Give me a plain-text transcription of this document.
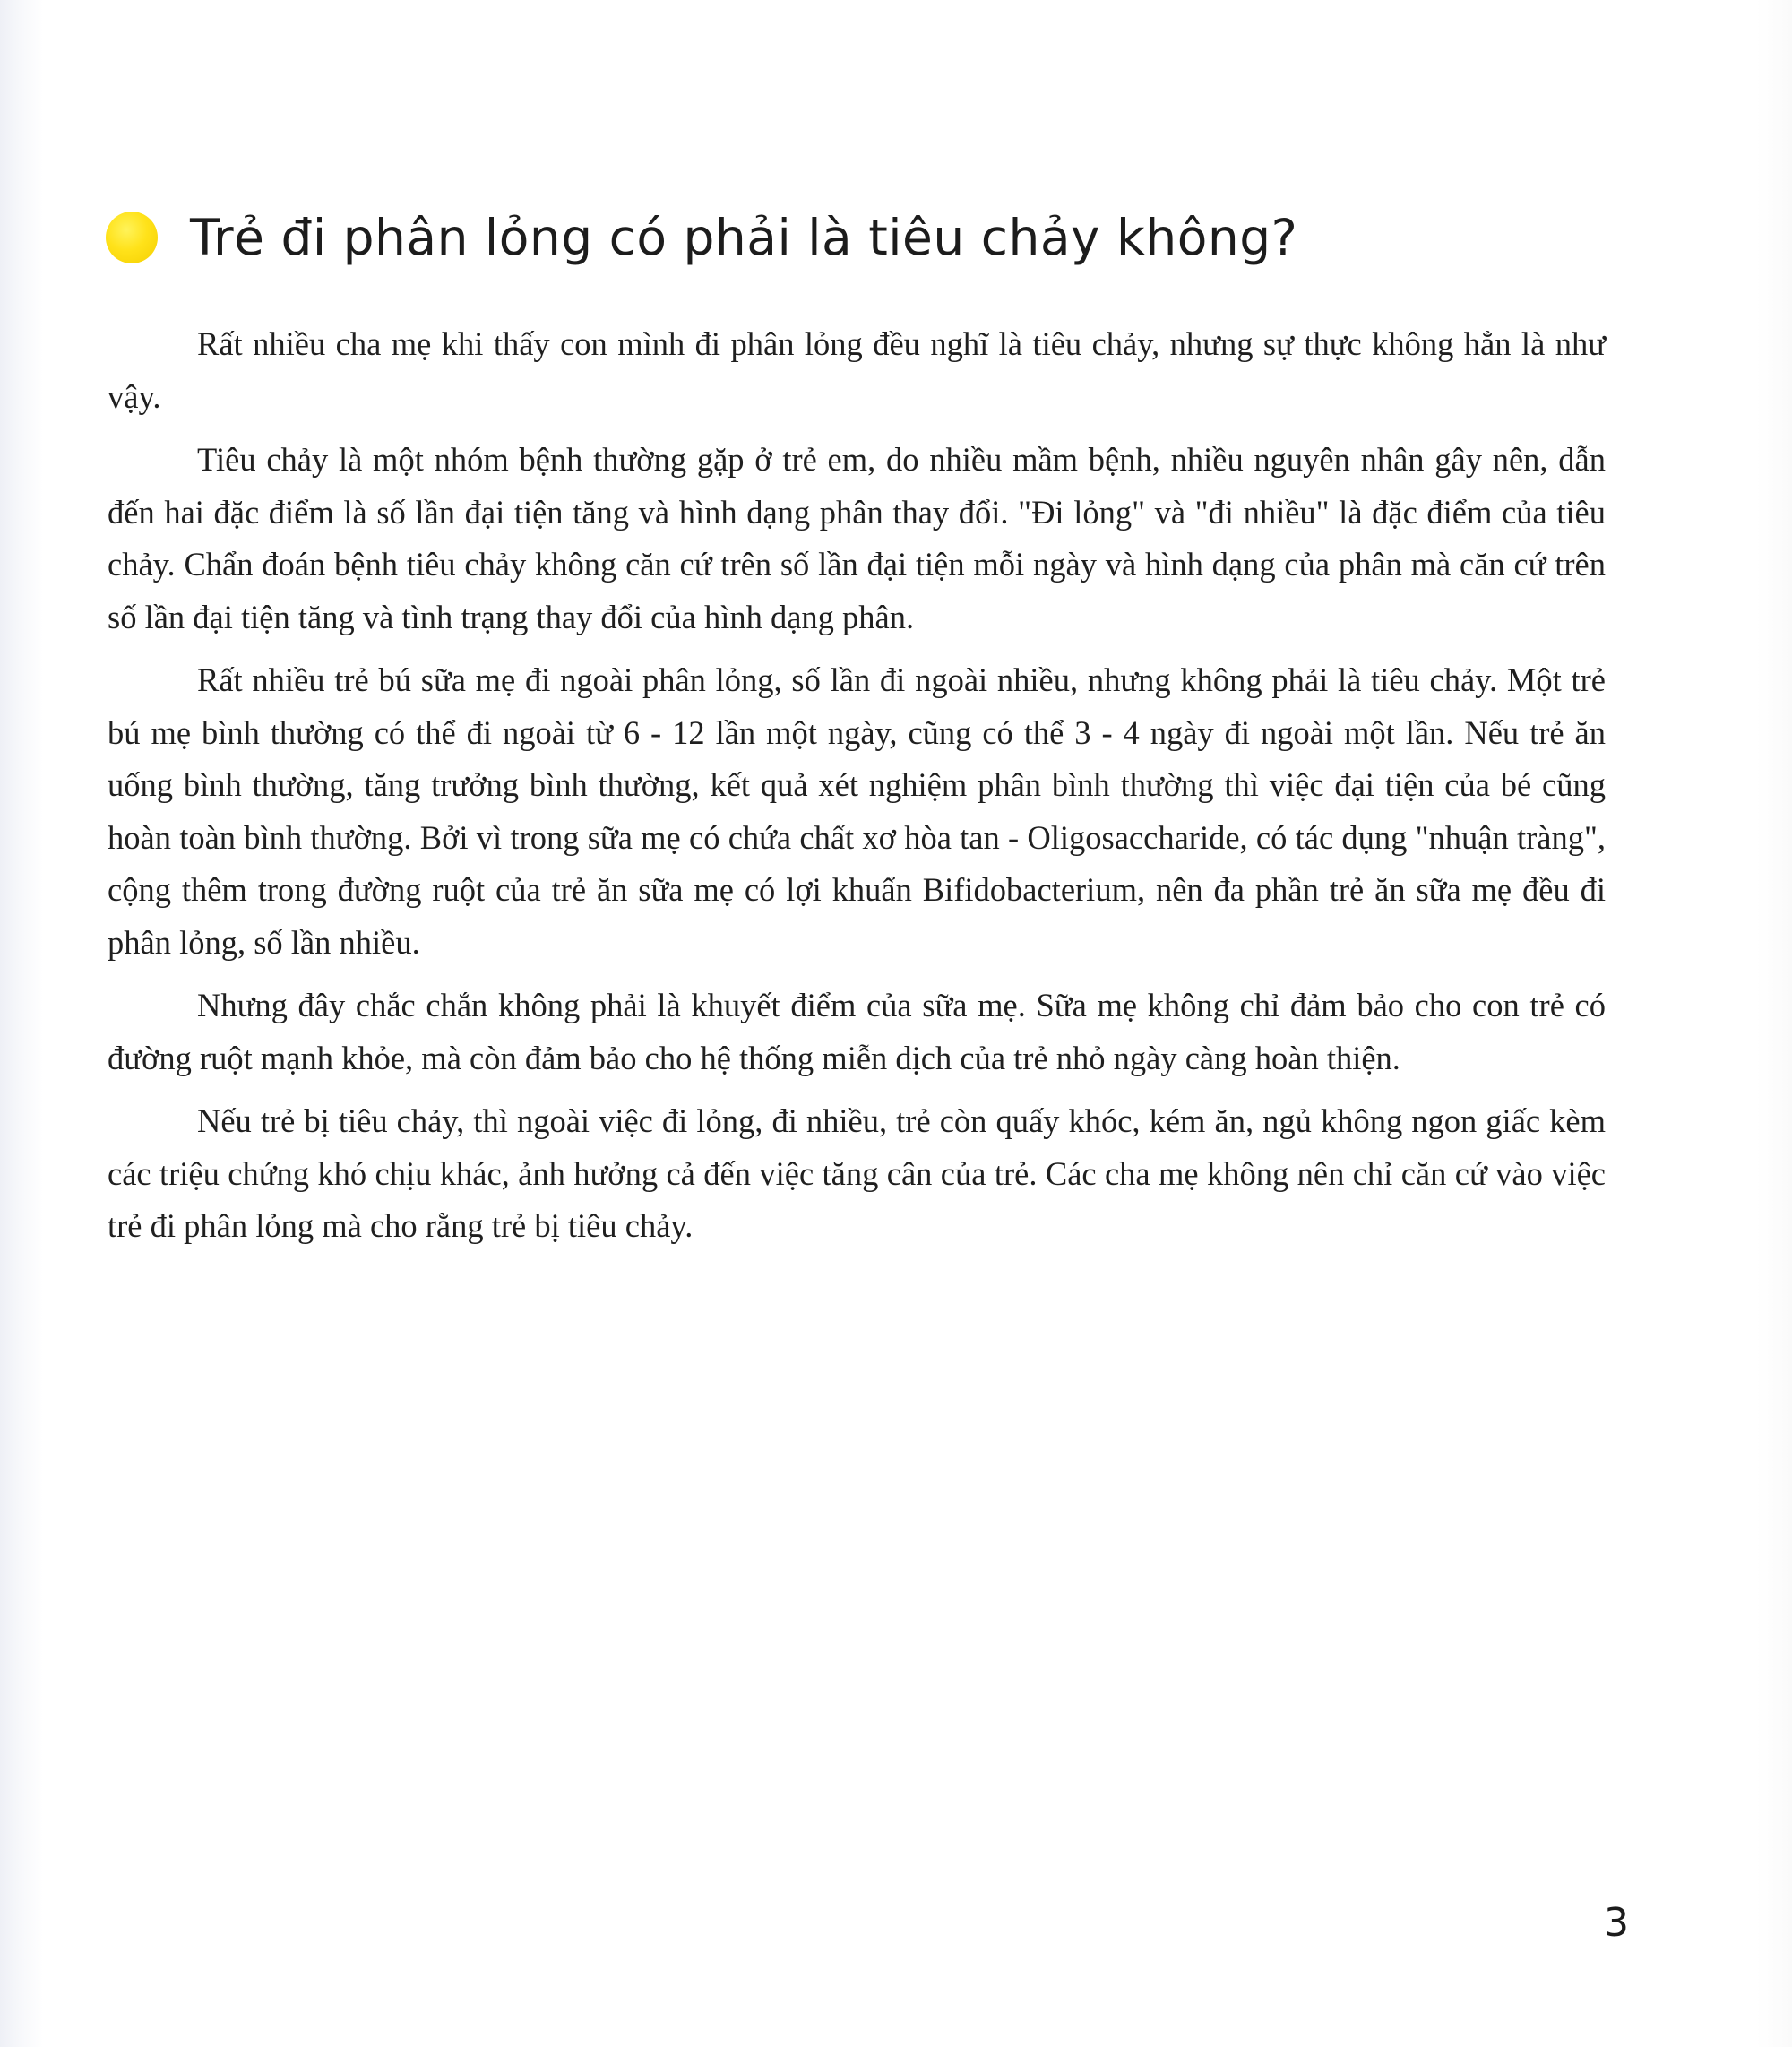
Trẻ đi phân lỏng có phải là tiêu chảy không?

Rất nhiều cha mẹ khi thấy con mình đi phân lỏng đều nghĩ là tiêu chảy, nhưng sự thực không hẳn là như vậy.

Tiêu chảy là một nhóm bệnh thường gặp ở trẻ em, do nhiều mầm bệnh, nhiều nguyên nhân gây nên, dẫn đến hai đặc điểm là số lần đại tiện tăng và hình dạng phân thay đổi. "Đi lỏng" và "đi nhiều" là đặc điểm của tiêu chảy. Chẩn đoán bệnh tiêu chảy không căn cứ trên số lần đại tiện mỗi ngày và hình dạng của phân mà căn cứ trên số lần đại tiện tăng và tình trạng thay đổi của hình dạng phân.

Rất nhiều trẻ bú sữa mẹ đi ngoài phân lỏng, số lần đi ngoài nhiều, nhưng không phải là tiêu chảy. Một trẻ bú mẹ bình thường có thể đi ngoài từ 6 - 12 lần một ngày, cũng có thể 3 - 4 ngày đi ngoài một lần. Nếu trẻ ăn uống bình thường, tăng trưởng bình thường, kết quả xét nghiệm phân bình thường thì việc đại tiện của bé cũng hoàn toàn bình thường. Bởi vì trong sữa mẹ có chứa chất xơ hòa tan - Oligosaccharide, có tác dụng "nhuận tràng", cộng thêm trong đường ruột của trẻ ăn sữa mẹ có lợi khuẩn Bifidobacterium, nên đa phần trẻ ăn sữa mẹ đều đi phân lỏng, số lần nhiều.

Nhưng đây chắc chắn không phải là khuyết điểm của sữa mẹ. Sữa mẹ không chỉ đảm bảo cho con trẻ có đường ruột mạnh khỏe, mà còn đảm bảo cho hệ thống miễn dịch của trẻ nhỏ ngày càng hoàn thiện.

Nếu trẻ bị tiêu chảy, thì ngoài việc đi lỏng, đi nhiều, trẻ còn quấy khóc, kém ăn, ngủ không ngon giấc kèm các triệu chứng khó chịu khác, ảnh hưởng cả đến việc tăng cân của trẻ. Các cha mẹ không nên chỉ căn cứ vào việc trẻ đi phân lỏng mà cho rằng trẻ bị tiêu chảy.

3
